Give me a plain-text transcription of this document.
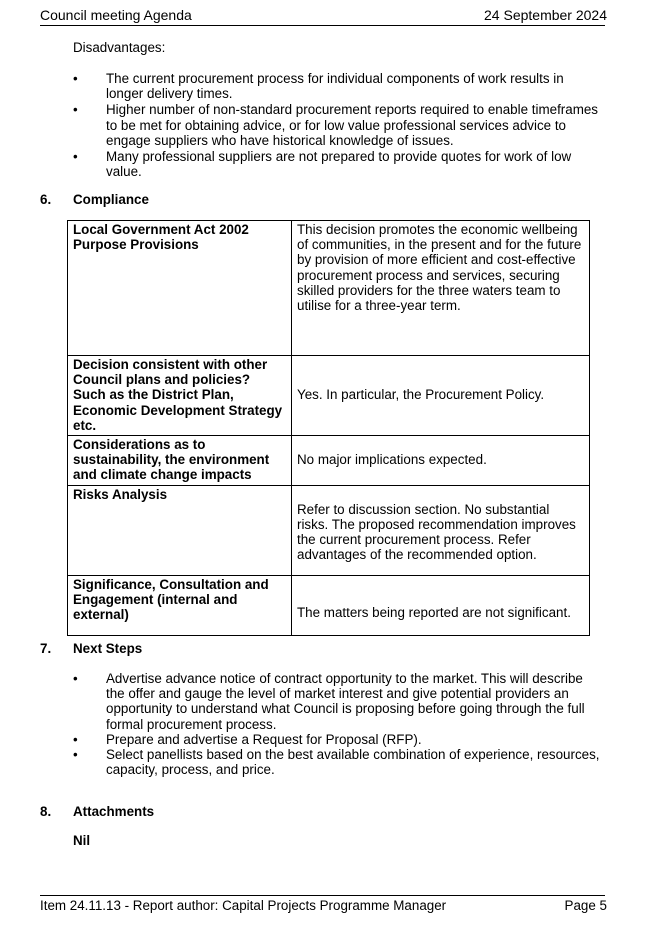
Council meeting Agenda	24 September 2024
Disadvantages:
• The current procurement process for individual components of work results in longer delivery times.
• Higher number of non-standard procurement reports required to enable timeframes to be met for obtaining advice, or for low value professional services advice to engage suppliers who have historical knowledge of issues.
• Many professional suppliers are not prepared to provide quotes for work of low value.
6. Compliance
Local Government Act 2002 Purpose Provisions	This decision promotes the economic wellbeing of communities, in the present and for the future by provision of more efficient and cost-effective procurement process and services, securing skilled providers for the three waters team to utilise for a three-year term.
Decision consistent with other Council plans and policies? Such as the District Plan, Economic Development Strategy etc.	Yes. In particular, the Procurement Policy.
Considerations as to sustainability, the environment and climate change impacts	No major implications expected.
Risks Analysis	Refer to discussion section. No substantial risks. The proposed recommendation improves the current procurement process. Refer advantages of the recommended option.
Significance, Consultation and Engagement (internal and external)	The matters being reported are not significant.
7. Next Steps
• Advertise advance notice of contract opportunity to the market. This will describe the offer and gauge the level of market interest and give potential providers an opportunity to understand what Council is proposing before going through the full formal procurement process.
• Prepare and advertise a Request for Proposal (RFP).
• Select panellists based on the best available combination of experience, resources, capacity, process, and price.
8. Attachments
Nil
Item 24.11.13 - Report author: Capital Projects Programme Manager	Page 5
